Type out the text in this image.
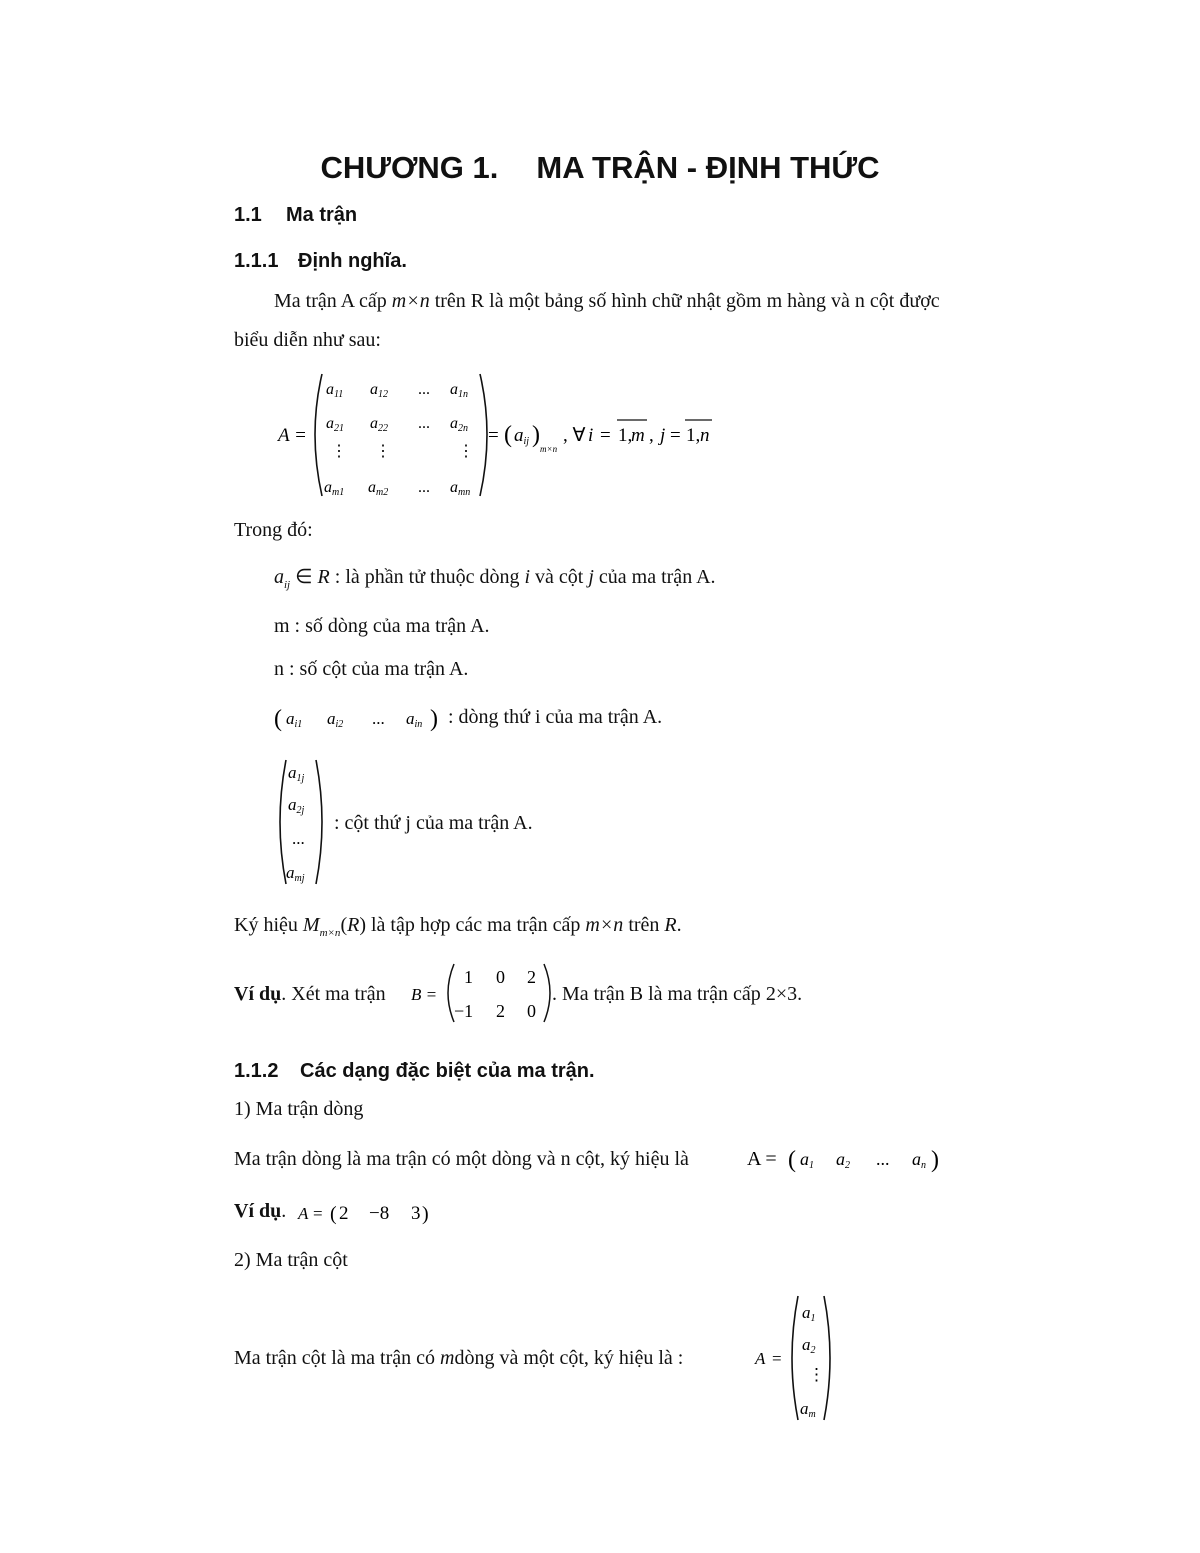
CHƯƠNG 1. MA TRẬN - ĐỊNH THỨC
1.1 Ma trận
1.1.1 Định nghĩa.
Ma trận A cấp m×n trên R là một bảng số hình chữ nhật gồm m hàng và n cột được
biểu diễn như sau:
A =
a11 a12 ... a1n
a21 a22 ... a2n
⋮ ⋮	⋮
am1 am2 ... amn
= ( aij )
m×n
, ∀ i = 1,
m , j = 1, n
Trong đó:
$a_{ij}$ ∈ R : là phần tử thuộc dòng i và cột j của ma trận A.
m : số dòng của ma trận A.
n : số cột của ma trận A.
( ai1 ai2 ... ain ) : dòng thứ i của ma trận A.
a1j
a2j
...
amj
: cột thứ j của ma trận A.
Ký hiệu $M_{m\times n}(R)$ là tập hợp các ma trận cấp m×n trên R.
Ví dụ. Xét ma trận B =
1 0 2
−1 2 0
. Ma trận B là ma trận cấp 2×3.
1.1.2 Các dạng đặc biệt của ma trận.
1) Ma trận dòng
Ma trận dòng là ma trận có một dòng và n cột, ký hiệu là	A = ( a1 a2 ... an )
Ví dụ. A = ( 2 −8 3 )
2) Ma trận cột
Ma trận cột là ma trận có mdòng và một cột, ký hiệu là :	A =
a1
a2
⋮
am
